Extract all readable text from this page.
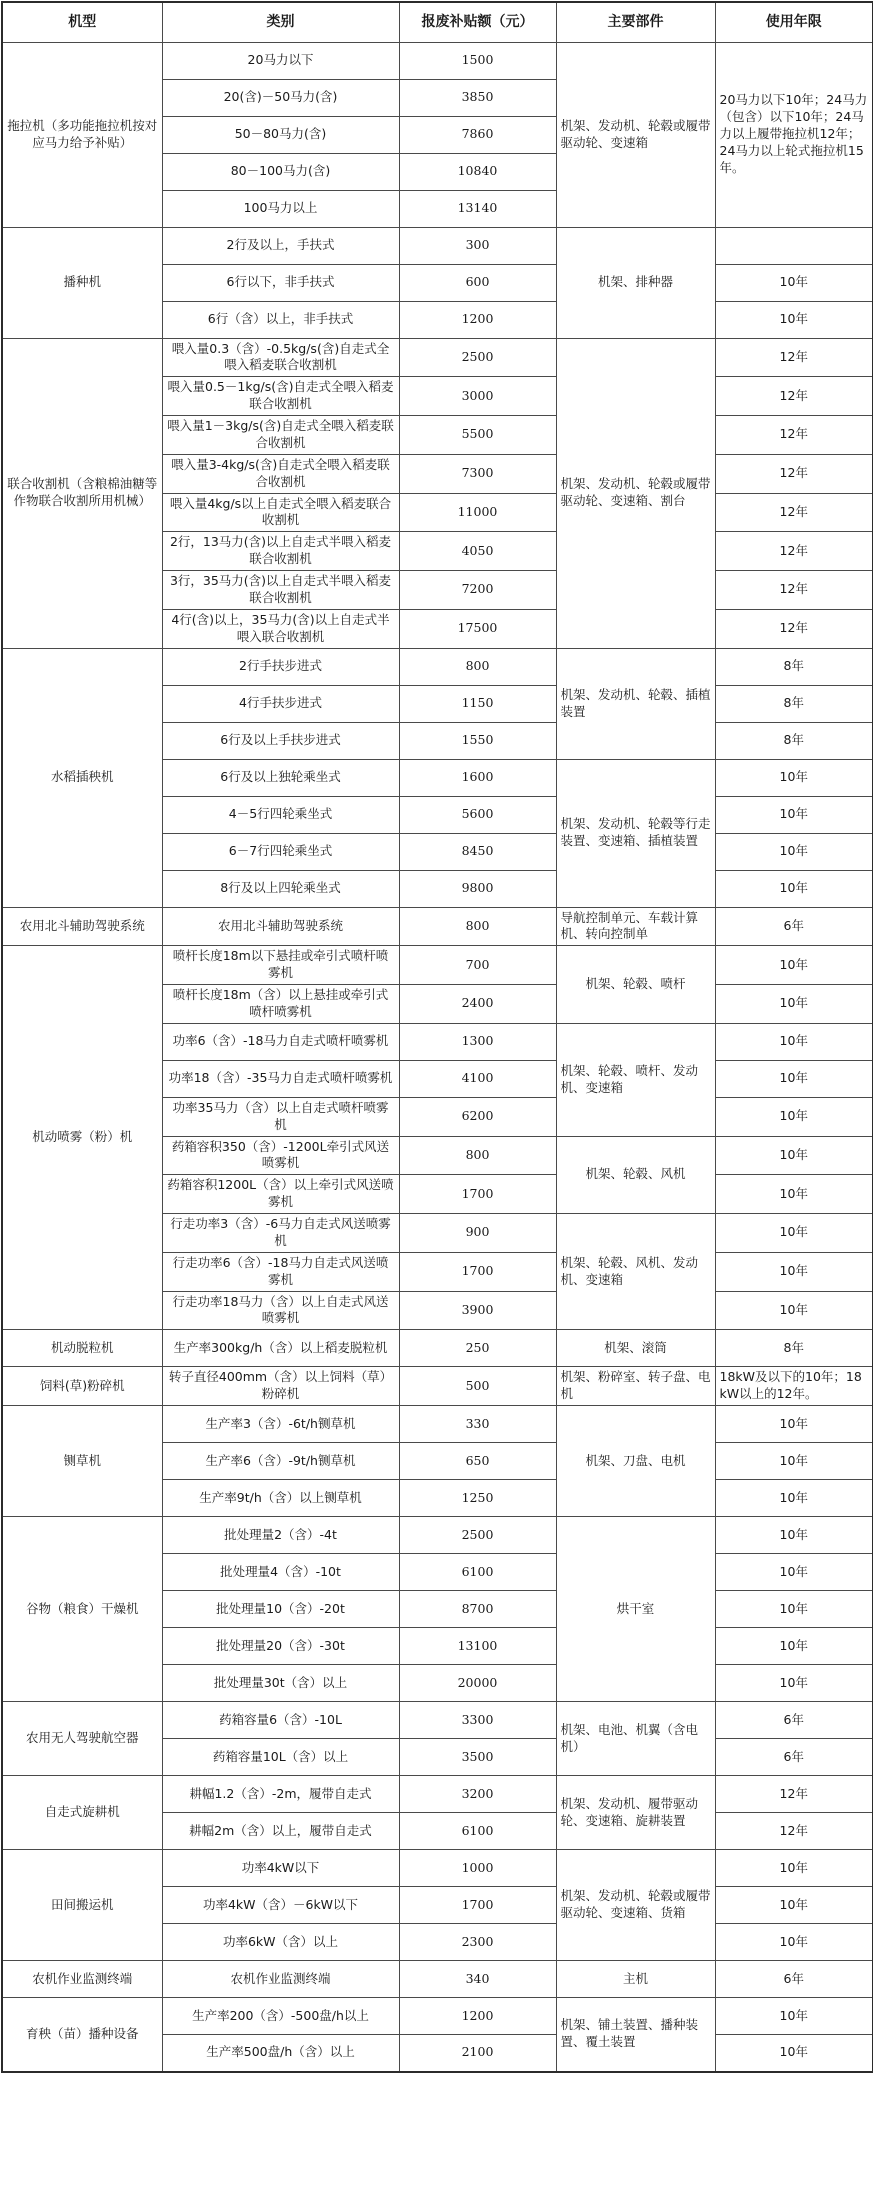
机型	类别	报废补贴额（元）	主要部件	使用年限
拖拉机（多功能拖拉机按对应马力给予补贴）	20马力以下	1500	机架、发动机、轮毂或履带驱动轮、变速箱	20马力以下10年；24马力（包含）以下10年；24马力以上履带拖拉机12年；24马力以上轮式拖拉机15年。
	20(含)－50马力(含)	3850		
	50－80马力(含)	7860		
	80－100马力(含)	10840		
	100马力以上	13140		
播种机	2行及以上，手扶式	300	机架、排种器	
	6行以下，非手扶式	600		10年
	6行（含）以上，非手扶式	1200		10年
联合收割机（含粮棉油糖等作物联合收割所用机械）	喂入量0.3（含）-0.5kg/s(含)自走式全喂入稻麦联合收割机	2500	机架、发动机、轮毂或履带驱动轮、变速箱、割台	12年
	喂入量0.5－1kg/s(含)自走式全喂入稻麦联合收割机	3000		12年
	喂入量1－3kg/s(含)自走式全喂入稻麦联合收割机	5500		12年
	喂入量3-4kg/s(含)自走式全喂入稻麦联合收割机	7300		12年
	喂入量4kg/s以上自走式全喂入稻麦联合收割机	11000		12年
	2行，13马力(含)以上自走式半喂入稻麦联合收割机	4050		12年
	3行，35马力(含)以上自走式半喂入稻麦联合收割机	7200		12年
	4行(含)以上，35马力(含)以上自走式半喂入联合收割机	17500		12年
水稻插秧机	2行手扶步进式	800	机架、发动机、轮毂、插植装置	8年
	4行手扶步进式	1150		8年
	6行及以上手扶步进式	1550		8年
	6行及以上独轮乘坐式	1600	机架、发动机、轮毂等行走装置、变速箱、插植装置	10年
	4－5行四轮乘坐式	5600		10年
	6－7行四轮乘坐式	8450		10年
	8行及以上四轮乘坐式	9800		10年
农用北斗辅助驾驶系统	农用北斗辅助驾驶系统	800	导航控制单元、车载计算机、转向控制单	6年
机动喷雾（粉）机	喷杆长度18m以下悬挂或牵引式喷杆喷雾机	700	机架、轮毂、喷杆	10年
	喷杆长度18m（含）以上悬挂或牵引式喷杆喷雾机	2400		10年
	功率6（含）-18马力自走式喷杆喷雾机	1300	机架、轮毂、喷杆、发动机、变速箱	10年
	功率18（含）-35马力自走式喷杆喷雾机	4100		10年
	功率35马力（含）以上自走式喷杆喷雾机	6200		10年
	药箱容积350（含）-1200L牵引式风送喷雾机	800	机架、轮毂、风机	10年
	药箱容积1200L（含）以上牵引式风送喷雾机	1700		10年
	行走功率3（含）-6马力自走式风送喷雾机	900	机架、轮毂、风机、发动机、变速箱	10年
	行走功率6（含）-18马力自走式风送喷雾机	1700		10年
	行走功率18马力（含）以上自走式风送喷雾机	3900		10年
机动脱粒机	生产率300kg/h（含）以上稻麦脱粒机	250	机架、滚筒	8年
饲料(草)粉碎机	转子直径400mm（含）以上饲料（草）粉碎机	500	机架、粉碎室、转子盘、电机	18kW及以下的10年；18kW以上的12年。
铡草机	生产率3（含）-6t/h铡草机	330	机架、刀盘、电机	10年
	生产率6（含）-9t/h铡草机	650		10年
	生产率9t/h（含）以上铡草机	1250		10年
谷物（粮食）干燥机	批处理量2（含）-4t	2500	烘干室	10年
	批处理量4（含）-10t	6100		10年
	批处理量10（含）-20t	8700		10年
	批处理量20（含）-30t	13100		10年
	批处理量30t（含）以上	20000		10年
农用无人驾驶航空器	药箱容量6（含）-10L	3300	机架、电池、机翼（含电机）	6年
	药箱容量10L（含）以上	3500		6年
自走式旋耕机	耕幅1.2（含）-2m，履带自走式	3200	机架、发动机、履带驱动轮、变速箱、旋耕装置	12年
	耕幅2m（含）以上，履带自走式	6100		12年
田间搬运机	功率4kW以下	1000	机架、发动机、轮毂或履带驱动轮、变速箱、货箱	10年
	功率4kW（含）－6kW以下	1700		10年
	功率6kW（含）以上	2300		10年
农机作业监测终端	农机作业监测终端	340	主机	6年
育秧（苗）播种设备	生产率200（含）-500盘/h以上	1200	机架、铺土装置、播种装置、覆土装置	10年
	生产率500盘/h（含）以上	2100		10年
